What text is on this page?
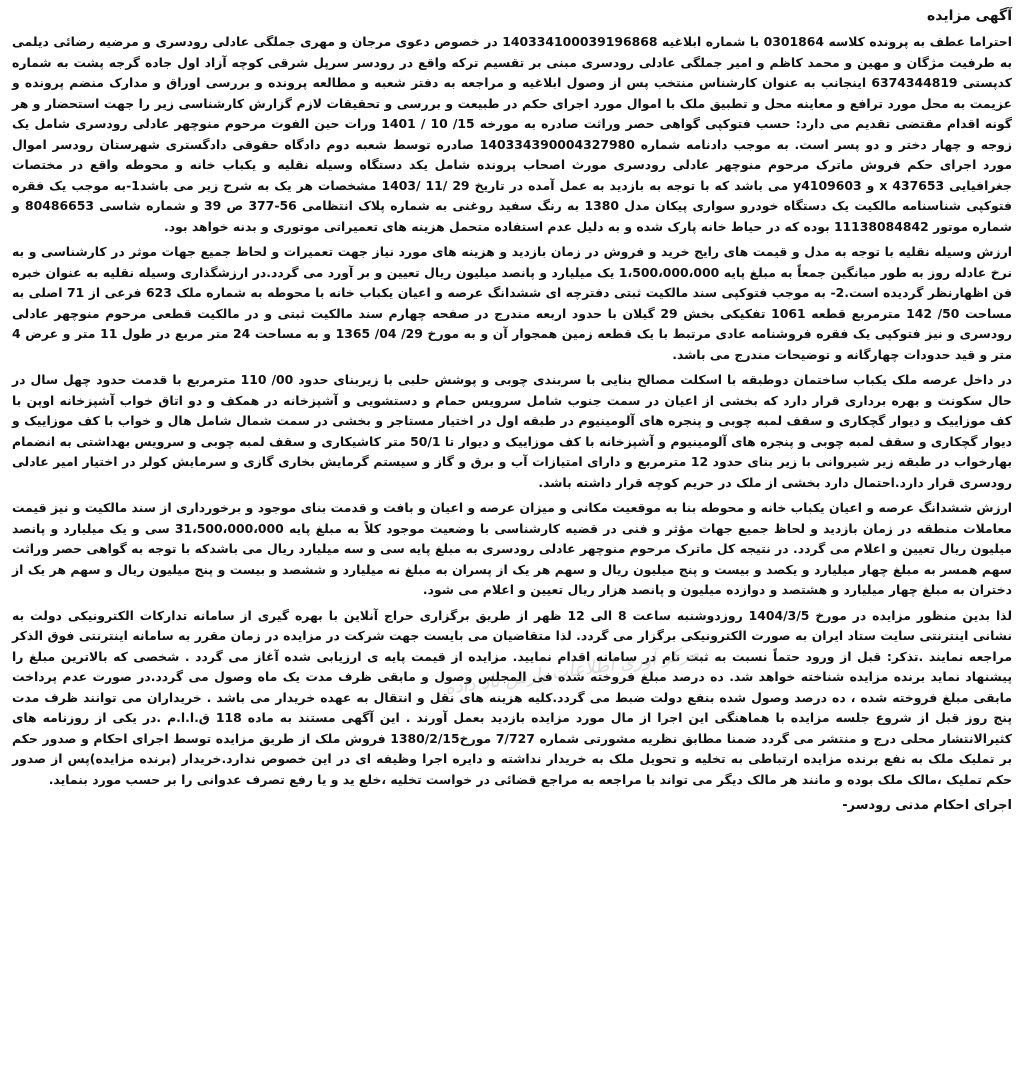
آگهی مزایده

احتراما عطف به پرونده کلاسه 0301864 با شماره ابلاغیه 140334100039196868 در خصوص دعوی مرجان و مهری جملگی عادلی رودسری و مرضیه رضائی دیلمی به طرفیت مژگان و مهین و محمد کاظم و امیر جملگی عادلی رودسری مبنی بر تقسیم ترکه واقع در رودسر سرپل شرقی کوچه آزاد اول جاده گرجه پشت به شماره کدپستی 6374344819 اینجانب به عنوان کارشناس منتخب پس از وصول ابلاغیه و مراجعه به دفتر شعبه و مطالعه پرونده و بررسی اوراق و مدارک منضم پرونده و عزیمت به محل مورد ترافع و معاینه محل و تطبیق ملک با اموال مورد اجرای حکم در طبیعت و بررسی و تحقیقات لازم گزارش کارشناسی زیر را جهت استحضار و هر گونه اقدام مقتضی تقدیم می دارد: حسب فتوکپی گواهی حصر وراثت صادره به مورخه 15/ 10 / 1401 ورات حین الفوت مرحوم منوچهر عادلی رودسری شامل یک زوجه و چهار دختر و دو پسر است. به موجب دادنامه شماره 140334390004327980 صادره توسط شعبه دوم دادگاه حقوقی دادگستری شهرستان رودسر اموال مورد اجرای حکم فروش ماترک مرحوم منوچهر عادلی رودسری مورث اصحاب پرونده شامل یکد دستگاه وسیله نقلیه و یکباب خانه و محوطه واقع در مختصات جغرافیایی 437653 x و y4109603 می باشد که با توجه به بازدید به عمل آمده در تاریخ 29 /11 /1403 مشخصات هر یک به شرح زیر می باشد1-به موجب یک فقره فتوکپی شناسنامه مالکیت یک دستگاه خودرو سواری پیکان مدل 1380 به رنگ سفید روغنی به شماره پلاک انتظامی 56-377 ص 39 و شماره شاسی 80486653 و شماره موتور 11138084842 بوده که در حیاط خانه پارک شده و به دلیل عدم استفاده متحمل هزینه های تعمیراتی موتوری و بدنه خواهد بود.

ارزش وسیله نقلیه با توجه به مدل و قیمت های رایج خرید و فروش در زمان بازدید و هزینه های مورد نیاز جهت تعمیرات و لحاظ جمیع جهات موثر در کارشناسی و به نرخ عادله روز به طور میانگین جمعاً به مبلغ پایه 1،500،000،000 یک میلیارد و پانصد میلیون ریال تعیین و بر آورد می گردد.در ارزشگذاری وسیله نقلیه به عنوان خبره فن اظهارنظر گردیده است.2- به موجب فتوکپی سند مالکیت ثبتی دفترچه ای ششدانگ عرصه و اعیان یکباب خانه با محوطه به شماره ملک 623 فرعی از 71 اصلی به مساحت 50/ 142 مترمربع قطعه 1061 تفکیکی بخش 29 گیلان با حدود اربعه مندرج در صفحه چهارم سند مالکیت ثبتی و در مالکیت قطعی مرحوم منوچهر عادلی رودسری و نیز فتوکپی یک فقره فروشنامه عادی مرتبط با یک قطعه زمین همجوار آن و به مورخ 29/ 04/ 1365 و به مساحت 24 متر مربع در طول 11 متر و عرض 4 متر و قید حدودات چهارگانه و توضیحات مندرج می باشد.

در داخل عرصه ملک یکباب ساختمان دوطبقه با اسکلت مصالح بنایی با سربندی چوبی و پوشش حلبی با زیربنای حدود 00/ 110 مترمربع با قدمت حدود چهل سال در حال سکونت و بهره برداری قرار دارد که بخشی از اعیان در سمت جنوب شامل سرویس حمام و دستشویی و آشپزخانه در همکف و دو اتاق خواب آشپزخانه اوپن با کف موزاییک و دیوار گچکاری و سقف لمبه چوبی و پنجره های آلومینیوم در طبقه اول در اختیار مستاجر و بخشی در سمت شمال شامل هال و خواب با کف موزاییک و دیوار گچکاری و سقف لمبه چوبی و پنجره های آلومینیوم و آشپزخانه با کف موزاییک و دیوار تا 50/1 متر کاشیکاری و سقف لمبه چوبی و سرویس بهداشتی به انضمام بهارخواب در طبقه زیر شیروانی با زیر بنای حدود 12 مترمربع و دارای امتیازات آب و برق و گاز و سیستم گرمایش بخاری گازی و سرمایش کولر در اختیار امیر عادلی رودسری قرار دارد.احتمال دارد بخشی از ملک در حریم کوچه قرار داشته باشد.

ارزش ششدانگ عرصه و اعیان یکباب خانه و محوطه بنا به موقعیت مکانی و میزان عرصه و اعیان و بافت و قدمت بنای موجود و برخورداری از سند مالکیت و نیز قیمت معاملات منطقه در زمان بازدید و لحاظ جمیع جهات مؤثر و فنی در قضیه کارشناسی با وضعیت موجود کلاً به مبلغ پایه 31،500،000،000 سی و یک میلیارد و پانصد میلیون ریال تعیین و اعلام می گردد. در نتیجه کل ماترک مرحوم منوچهر عادلی رودسری به مبلغ پایه سی و سه میلیارد ریال می باشدکه با توجه به گواهی حصر وراثت سهم همسر به مبلغ چهار میلیارد و یکصد و بیست و پنج میلیون ریال و سهم هر یک از پسران به مبلغ نه میلیارد و ششصد و بیست و پنج میلیون ریال و سهم هر یک از دختران به مبلغ چهار میلیارد و هشتصد و دوازده میلیون و پانصد هزار ریال تعیین و اعلام می شود.

لذا بدین منظور مزایده در مورخ 1404/3/5 روزدوشنبه ساعت 8 الی 12 ظهر از طریق برگزاری حراج آنلاین با بهره گیری از سامانه تدارکات الکترونیکی دولت به نشانی اینترنتی سایت ستاد ایران به صورت الکترونیکی برگزار می گردد. لذا متقاضیان می بایست جهت شرکت در مزایده در زمان مقرر به سامانه اینترنتی فوق الذکر مراجعه نمایند .تذکر: قبل از ورود حتماً نسبت به ثبت نام در سامانه اقدام نمایید. مزایده از قیمت پایه ی ارزیابی شده آغاز می گردد . شخصی که بالاترین مبلغ را پیشنهاد نماید برنده مزایده شناخته خواهد شد. ده درصد مبلغ فروخته شده فی المجلس وصول و مابقی ظرف مدت یک ماه وصول می گردد.در صورت عدم پرداخت مابقی مبلغ فروخته شده ، ده درصد وصول شده بنفع دولت ضبط می گردد.کلیه هزینه های نقل و انتقال به عهده خریدار می باشد . خریداران می توانند ظرف مدت پنج روز قبل از شروع جلسه مزایده با هماهنگی این اجرا از مال مورد مزایده بازدید بعمل آورند . این آگهی مستند به ماده 118 ق.ا.ا.م .در یکی از روزنامه های کثیرالانتشار محلی درج و منتشر می گردد ضمنا مطابق نظریه مشورتی شماره 7/727 مورخ1380/2/15 فروش ملک از طریق مزایده توسط اجرای احکام و صدور حکم بر تملیک ملک به نفع برنده مزایده ارتباطی به تخلیه و تحویل ملک به خریدار نداشته و دایره اجرا وظیفه ای در این خصوص ندارد.خریدار (برنده مزایده)پس از صدور حکم تملیک ،مالک ملک بوده و مانند هر مالک دیگر می تواند با مراجعه به مراجع قضائی در خواست تخلیه ،خلع ید و یا رفع تصرف عدوانی را بر حسب مورد بنماید.

اجرای احکام مدنی رودسر-
مرکز آوری اطلاعات پارس ناد داده
